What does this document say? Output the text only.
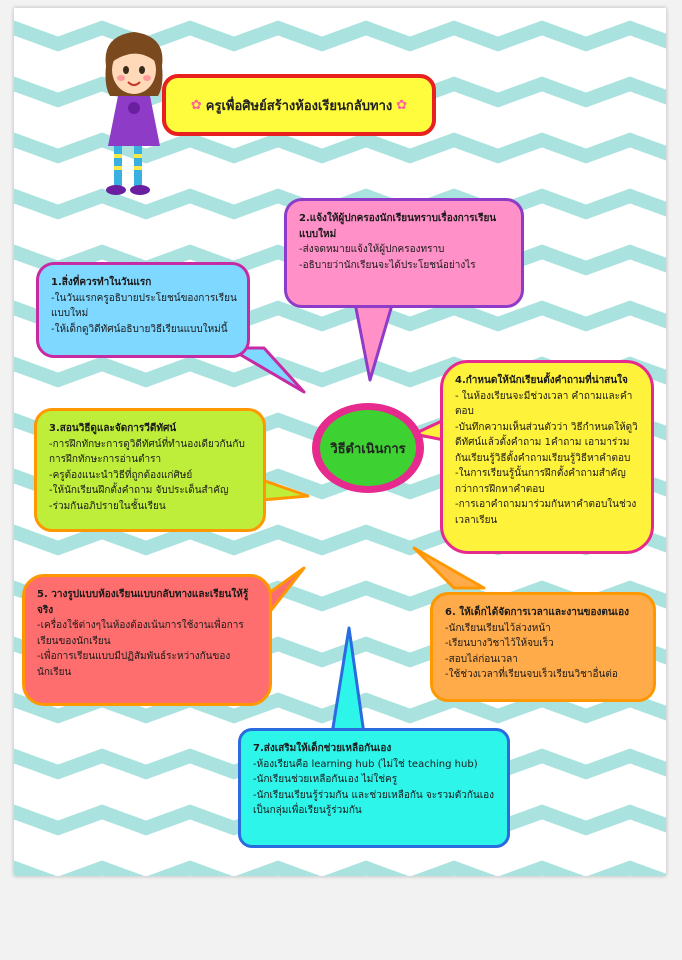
✿ ครูเพื่อศิษย์สร้างห้องเรียนกลับทาง ✿
1.สิ่งที่ควรทำในวันแรก
-ในวันแรกครูอธิบายประโยชน์ของการเรียนแบบใหม่
-ให้เด็กดูวิดีทัศน์อธิบายวิธีเรียนแบบใหม่นี้
2.แจ้งให้ผู้ปกครองนักเรียนทราบเรื่องการเรียนแบบใหม่
-ส่งจดหมายแจ้งให้ผู้ปกครองทราบ
-อธิบายว่านักเรียนจะได้ประโยชน์อย่างไร
3.สอนวิธีดูและจัดการวีดีทัศน์
-การฝึกทักษะการดูวิดีทัศน์ที่ทำนองเดียวกันกับการฝึกทักษะการอ่านตำรา
-ครูต้องแนะนำวิธีที่ถูกต้องแก่ศิษย์
-ให้นักเรียนฝึกตั้งคำถาม จับประเด็นสำคัญ
-ร่วมกันอภิปรายในชั้นเรียน
4.กำหนดให้นักเรียนตั้งคำถามที่น่าสนใจ
- ในห้องเรียนจะมีช่วงเวลา คำถามและคำตอบ
-บันทึกความเห็นส่วนตัวว่า วิธีกำหนดให้ดูวิดีทัศน์แล้วตั้งคำถาม 1คำถาม เอามาร่วมกันเรียนรู้วิธีตั้งคำถามเรียนรู้วิธีหาคำตอบ
-ในการเรียนรู้นั้นการฝึกตั้งคำถามสำคัญกว่าการฝึกหาคำตอบ
-การเอาคำถามมาร่วมกันหาคำตอบในช่วงเวลาเรียน
5. วางรูปแบบห้องเรียนแบบกลับทางและเรียนให้รู้จริง
-เครื่องใช้ต่างๆในห้องต้องเน้นการใช้งานเพื่อการเรียนของนักเรียน
-เพื่อการเรียนแบบมีปฏิสัมพันธ์ระหว่างกันของนักเรียน
6. ให้เด็กได้จัดการเวลาและงานของตนเอง
-นักเรียนเรียนไว้ล่วงหน้า
-เรียนบางวิชาไว้ให้จบเร็ว
-สอบไล่ก่อนเวลา
-ใช้ช่วงเวลาที่เรียนจบเร็วเรียนวิชาอื่นต่อ
7.ส่งเสริมให้เด็กช่วยเหลือกันเอง
-ห้องเรียนคือ learning hub (ไม่ใช่ teaching hub)
-นักเรียนช่วยเหลือกันเอง ไม่ใช่ครู
-นักเรียนเรียนรู้ร่วมกัน และช่วยเหลือกัน จะรวมตัวกันเองเป็นกลุ่มเพื่อเรียนรู้ร่วมกัน
วิธีดำเนินการ
